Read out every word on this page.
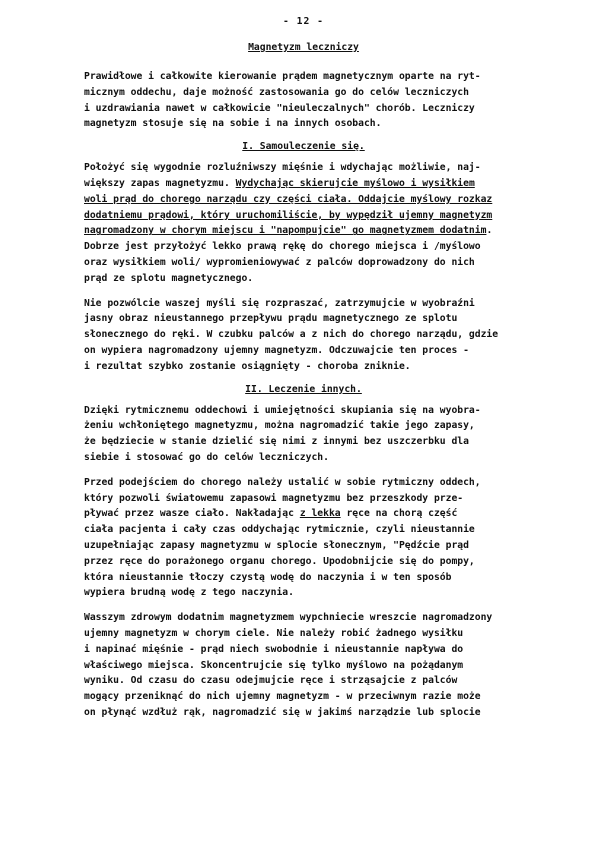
- 12 -
Magnetyzm leczniczy

Prawidłowe i całkowite kierowanie prądem magnetycznym oparte na ryt-
micznym oddechu, daje możność zastosowania go do celów leczniczych
i uzdrawiania nawet w całkowicie "nieuleczalnych" chorób. Leczniczy
magnetyzm stosuje się na sobie i na innych osobach.

I. Samouleczenie się.

Położyć się wygodnie rozluźniwszy mięśnie i wdychając możliwie, naj-
większy zapas magnetyzmu. Wydychając skierujcie myślowo i wysiłkiem
woli prąd do chorego narządu czy części ciała. Oddajcie myślowy rozkaz
dodatniemu prądowi, który uruchomiliście, by wypędził ujemny magnetyzm
nagromadzony w chorym miejscu i "napompujcie" go magnetyzmem dodatnim.
Dobrze jest przyłożyć lekko prawą rękę do chorego miejsca i /myślowo
oraz wysiłkiem woli/ wypromieniowywać z palców doprowadzony do nich
prąd ze splotu magnetycznego.

Nie pozwólcie waszej myśli się rozpraszać, zatrzymujcie w wyobraźni
jasny obraz nieustannego przepływu prądu magnetycznego ze splotu
słonecznego do ręki. W czubku palców a z nich do chorego narządu, gdzie
on wypiera nagromadzony ujemny magnetyzm. Odczuwajcie ten proces -
i rezultat szybko zostanie osiągnięty - choroba zniknie.

II. Leczenie innych.

Dzięki rytmicznemu oddechowi i umiejętności skupiania się na wyobra-
żeniu wchłoniętego magnetyzmu, można nagromadzić takie jego zapasy,
że będziecie w stanie dzielić się nimi z innymi bez uszczerbku dla
siebie i stosować go do celów leczniczych.

Przed podejściem do chorego należy ustalić w sobie rytmiczny oddech,
który pozwoli światowemu zapasowi magnetyzmu bez przeszkody prze-
pływać przez wasze ciało. Nakładając z lekka ręce na chorą część
ciała pacjenta i cały czas oddychając rytmicznie, czyli nieustannie
uzupełniając zapasy magnetyzmu w splocie słonecznym, "Pędźcie prąd
przez ręce do porażonego organu chorego. Upodobnijcie się do pompy,
która nieustannie tłoczy czystą wodę do naczynia i w ten sposób
wypiera brudną wodę z tego naczynia.

Wasszym zdrowym dodatnim magnetyzmem wypchniecie wreszcie nagromadzony
ujemny magnetyzm w chorym ciele. Nie należy robić żadnego wysiłku
i napinać mięśnie - prąd niech swobodnie i nieustannie napływa do
właściwego miejsca. Skoncentrujcie się tylko myślowo na pożądanym
wyniku. Od czasu do czasu odejmujcie ręce i strząsajcie z palców
mogący przeniknąć do nich ujemny magnetyzm - w przeciwnym razie może
on płynąć wzdłuż rąk, nagromadzić się w jakimś narządzie lub splocie
